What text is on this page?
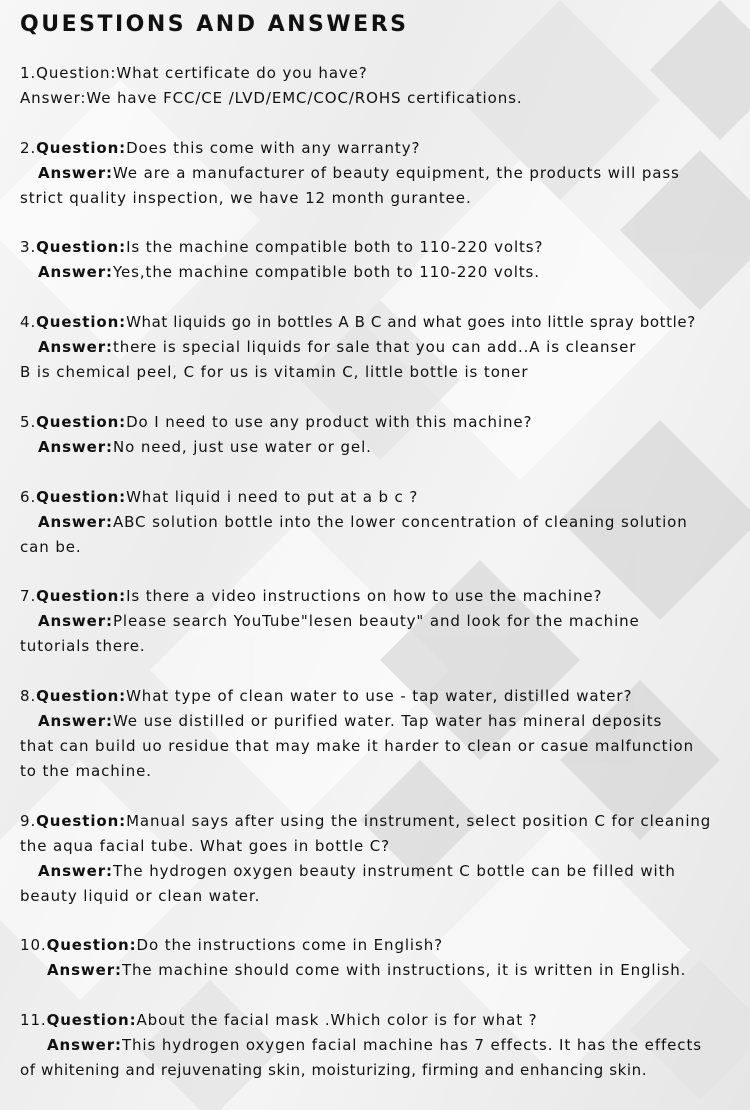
QUESTIONS AND ANSWERS
1.Question:What certificate do you have?
Answer:We have FCC/CE /LVD/EMC/COC/ROHS certifications.
2.Question:Does this come with any warranty?
Answer:We are a manufacturer of beauty equipment, the products will pass
strict quality inspection, we have 12 month gurantee.
3.Question:Is the machine compatible both to 110-220 volts?
Answer:Yes,the machine compatible both to 110-220 volts.
4.Question:What liquids go in bottles A B C and what goes into little spray bottle?
Answer:there is special liquids for sale that you can add..A is cleanser
B is chemical peel, C for us is vitamin C, little bottle is toner
5.Question:Do I need to use any product with this machine?
Answer:No need, just use water or gel.
6.Question:What liquid i need to put at a b c ?
Answer:ABC solution bottle into the lower concentration of cleaning solution
can be.
7.Question:Is there a video instructions on how to use the machine?
Answer:Please search YouTube"lesen beauty" and look for the machine
tutorials there.
8.Question:What type of clean water to use - tap water, distilled water?
Answer:We use distilled or purified water. Tap water has mineral deposits
that can build uo residue that may make it harder to clean or casue malfunction
to the machine.
9.Question:Manual says after using the instrument, select position C for cleaning
the aqua facial tube. What goes in bottle C?
Answer:The hydrogen oxygen beauty instrument C bottle can be filled with
beauty liquid or clean water.
10.Question:Do the instructions come in English?
Answer:The machine should come with instructions, it is written in English.
11.Question:About the facial mask .Which color is for what ?
Answer:This hydrogen oxygen facial machine has 7 effects. It has the effects
of whitening and rejuvenating skin, moisturizing, firming and enhancing skin.
